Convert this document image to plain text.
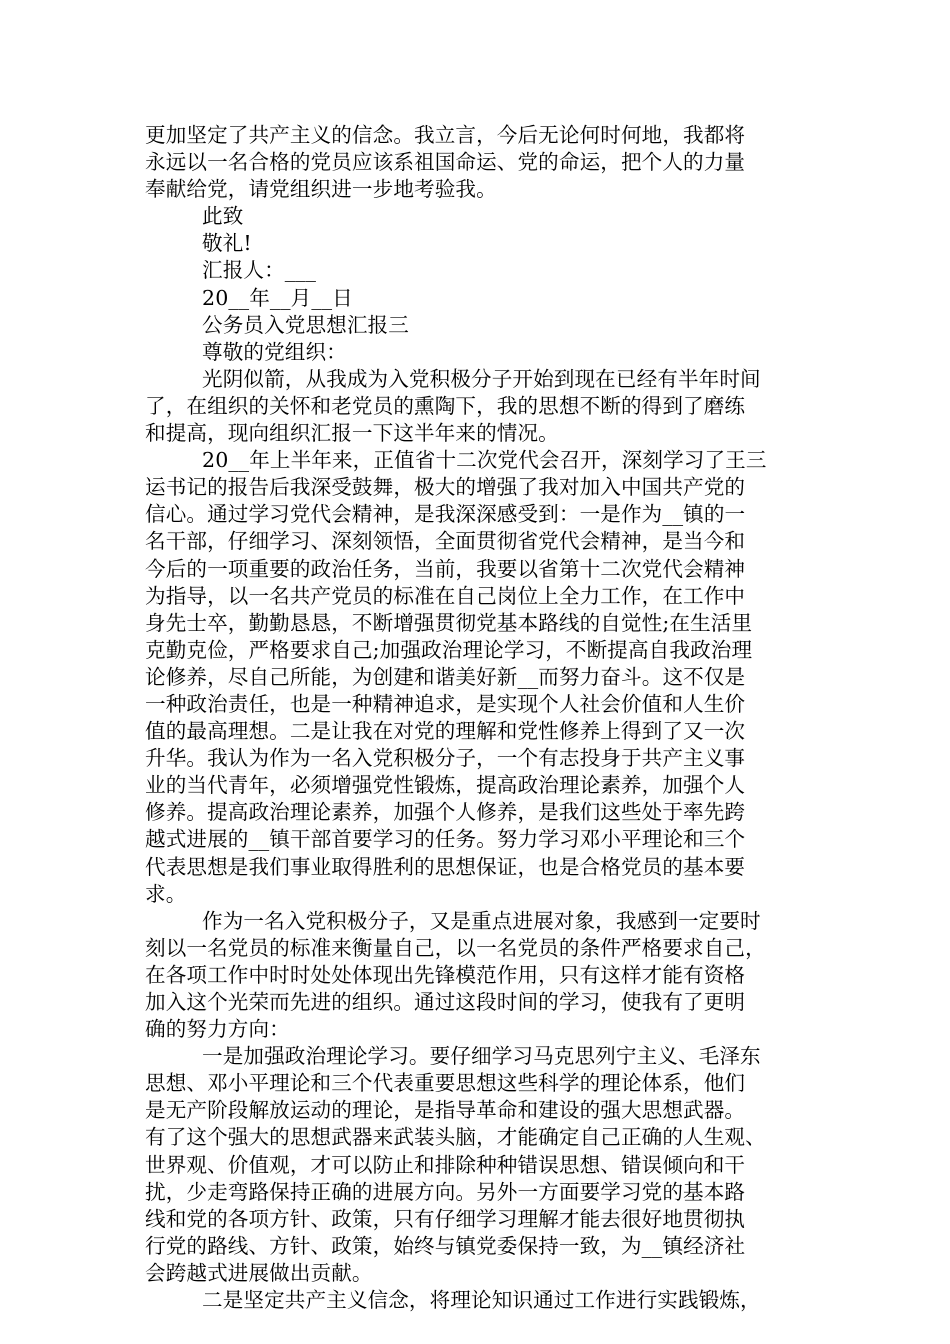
更加坚定了共产主义的信念。我立言，今后无论何时何地，我都将
永远以一名合格的党员应该系祖国命运、党的命运，把个人的力量
奉献给党，请党组织进一步地考验我。
此致
敬礼!
汇报人：___
20__年__月__日
公务员入党思想汇报三
尊敬的党组织：
光阴似箭，从我成为入党积极分子开始到现在已经有半年时间
了，在组织的关怀和老党员的熏陶下，我的思想不断的得到了磨练
和提高，现向组织汇报一下这半年来的情况。
20__年上半年来，正值省十二次党代会召开，深刻学习了王三
运书记的报告后我深受鼓舞，极大的增强了我对加入中国共产党的
信心。通过学习党代会精神，是我深深感受到：一是作为__镇的一
名干部，仔细学习、深刻领悟，全面贯彻省党代会精神，是当今和
今后的一项重要的政治任务，当前，我要以省第十二次党代会精神
为指导，以一名共产党员的标准在自己岗位上全力工作，在工作中
身先士卒，勤勤恳恳，不断增强贯彻党基本路线的自觉性;在生活里
克勤克俭，严格要求自己;加强政治理论学习，不断提高自我政治理
论修养，尽自己所能，为创建和谐美好新__而努力奋斗。这不仅是
一种政治责任，也是一种精神追求，是实现个人社会价值和人生价
值的最高理想。二是让我在对党的理解和党性修养上得到了又一次
升华。我认为作为一名入党积极分子，一个有志投身于共产主义事
业的当代青年，必须增强党性锻炼，提高政治理论素养，加强个人
修养。提高政治理论素养，加强个人修养，是我们这些处于率先跨
越式进展的__镇干部首要学习的任务。努力学习邓小平理论和三个
代表思想是我们事业取得胜利的思想保证，也是合格党员的基本要
求。
作为一名入党积极分子，又是重点进展对象，我感到一定要时
刻以一名党员的标准来衡量自己，以一名党员的条件严格要求自己，
在各项工作中时时处处体现出先锋模范作用，只有这样才能有资格
加入这个光荣而先进的组织。通过这段时间的学习，使我有了更明
确的努力方向：
一是加强政治理论学习。要仔细学习马克思列宁主义、毛泽东
思想、邓小平理论和三个代表重要思想这些科学的理论体系，他们
是无产阶段解放运动的理论，是指导革命和建设的强大思想武器。
有了这个强大的思想武器来武装头脑，才能确定自己正确的人生观、
世界观、价值观，才可以防止和排除种种错误思想、错误倾向和干
扰，少走弯路保持正确的进展方向。另外一方面要学习党的基本路
线和党的各项方针、政策，只有仔细学习理解才能去很好地贯彻执
行党的路线、方针、政策，始终与镇党委保持一致，为__镇经济社
会跨越式进展做出贡献。
二是坚定共产主义信念，将理论知识通过工作进行实践锻炼，
